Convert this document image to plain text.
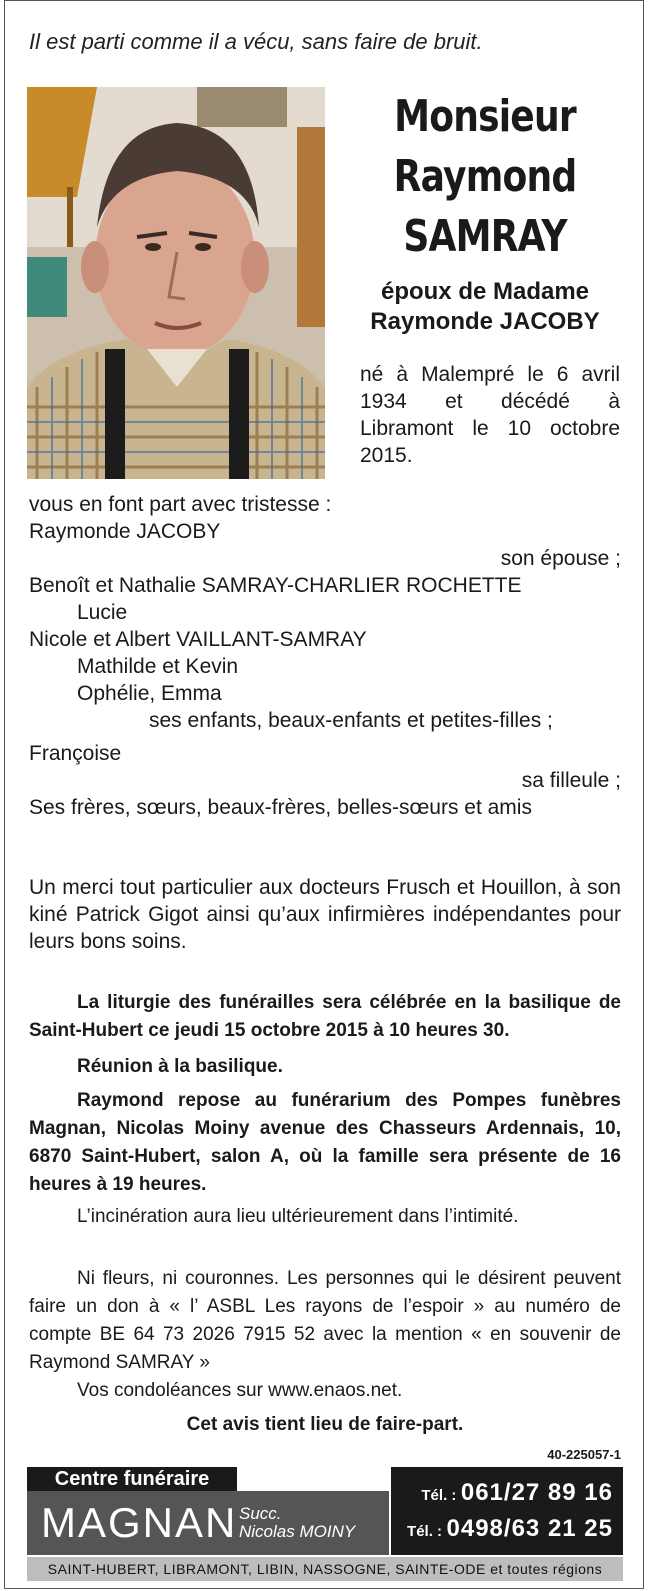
Il est parti comme il a vécu, sans faire de bruit.
Monsieur
Raymond
SAMRAY
époux de Madame
Raymonde JACOBY
né à Malempré le 6 avril 1934 et décédé à Libramont le 10 octobre 2015.
vous en font part avec tristesse :
Raymonde JACOBY
son épouse ;
Benoît et Nathalie SAMRAY-CHARLIER ROCHETTE
Lucie
Nicole et Albert VAILLANT-SAMRAY
Mathilde et Kevin
Ophélie, Emma
ses enfants, beaux-enfants et petites-filles ;
Françoise
sa filleule ;
Ses frères, sœurs, beaux-frères, belles-sœurs et amis
Un merci tout particulier aux docteurs Frusch et Houillon, à son kiné Patrick Gigot ainsi qu’aux infirmières indépendantes pour leurs bons soins.
La liturgie des funérailles sera célébrée en la basilique de Saint-Hubert ce jeudi 15 octobre 2015 à 10 heures 30.
Réunion à la basilique.
Raymond repose au funérarium des Pompes funèbres Magnan, Nicolas Moiny avenue des Chasseurs Ardennais, 10, 6870 Saint-Hubert, salon A, où la famille sera présente de 16 heures à 19 heures.
L’incinération aura lieu ultérieurement dans l’intimité.
Ni fleurs, ni couronnes. Les personnes qui le désirent peuvent faire un don à « l’ ASBL Les rayons de l’espoir » au numéro de compte BE 64 73 2026 7915 52 avec la mention « en souvenir de Raymond SAMRAY »
Vos condoléances sur www.enaos.net.
Cet avis tient lieu de faire-part.
40-225057-1
Centre funéraire
MAGNAN Succ.
Nicolas MOINY
Tél. : 061/27 89 16
Tél. : 0498/63 21 25
SAINT-HUBERT, LIBRAMONT, LIBIN, NASSOGNE, SAINTE-ODE et toutes régions
